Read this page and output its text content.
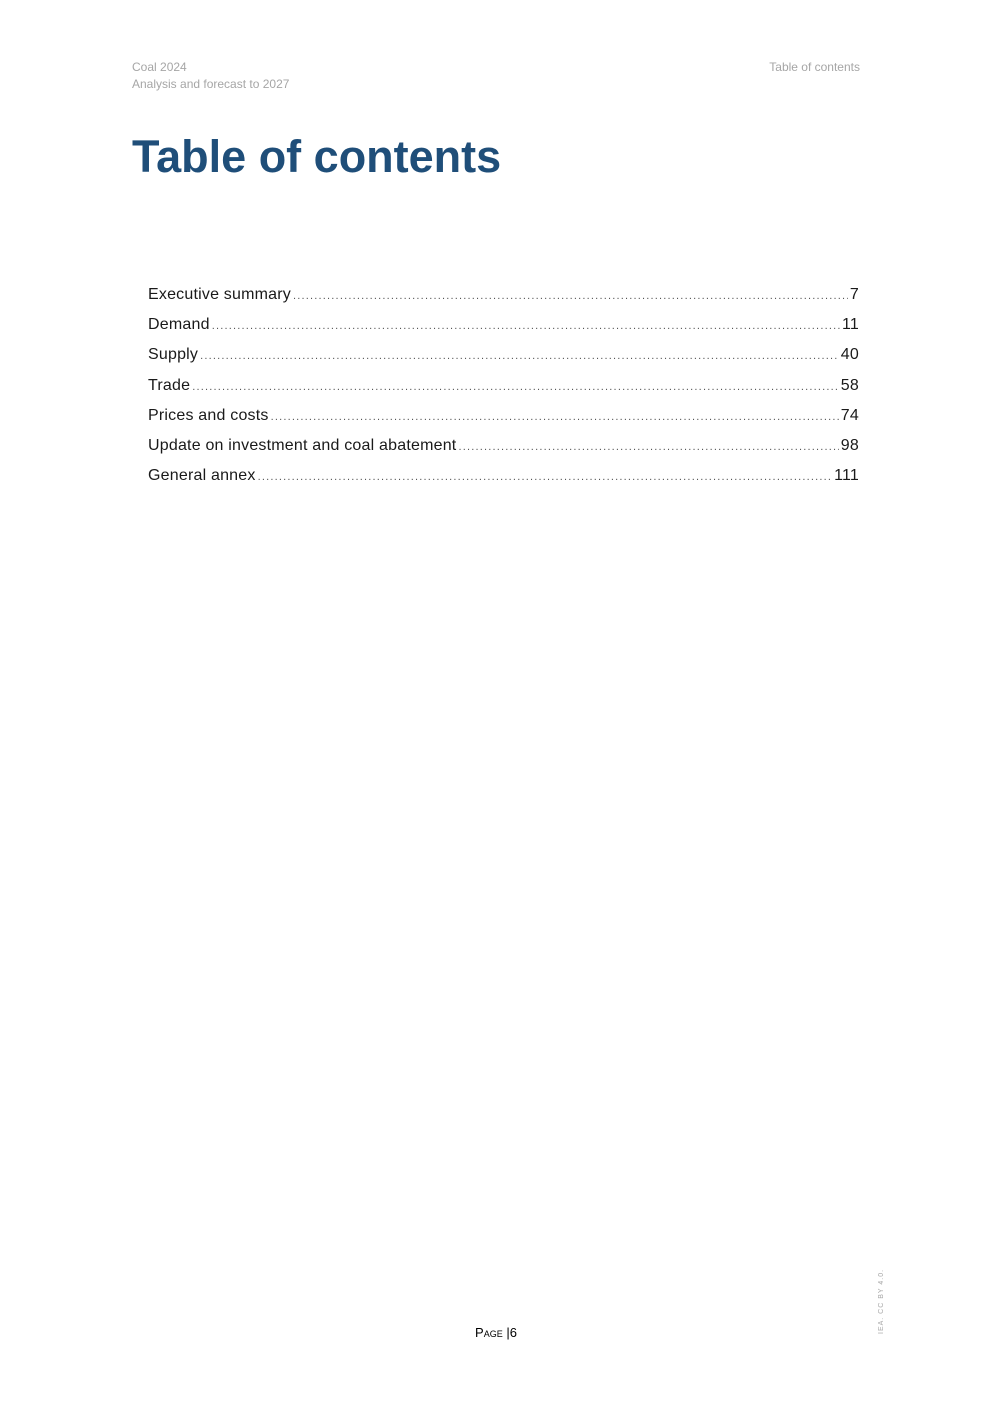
Coal 2024
Analysis and forecast to 2027
Table of contents
Table of contents
Executive summary .....	7
Demand .....	11
Supply .....	40
Trade .....	58
Prices and costs .....	74
Update on investment and coal abatement .....	98
General annex .....	111
Page |6	IEA. CC BY 4.0.
